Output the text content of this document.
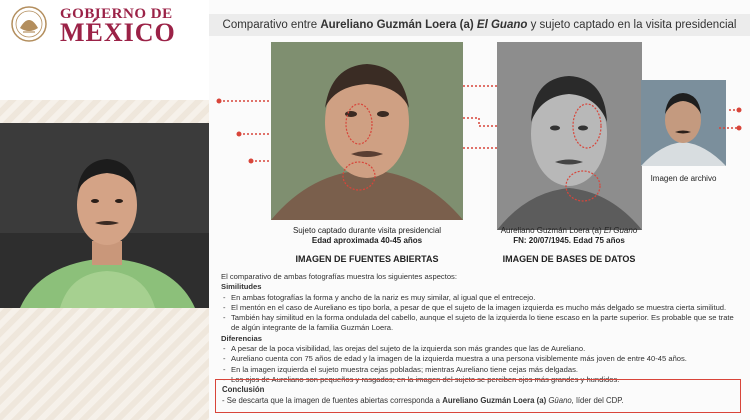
GOBIERNO DE
MÉXICO	Comparativo entre Aureliano Guzmán Loera (a) El Guano y sujeto captado en la visita presidencial
Sujeto captado durante visita presidencial
Edad aproximada 40-45 años
Aureliano Guzmán Loera (a) El Guano
FN: 20/07/1945. Edad 75 años
Imagen de archivo
IMAGEN DE FUENTES ABIERTAS	IMAGEN DE BASES DE DATOS
El comparativo de ambas fotografías muestra los siguientes aspectos:
Similitudes
- En ambas fotografías la forma y ancho de la nariz es muy similar, al igual que el entrecejo.
- El mentón en el caso de Aureliano es tipo borla, a pesar de que el sujeto de la imagen izquierda es mucho más delgado se muestra cierta similitud.
- También hay similitud en la forma ondulada del cabello, aunque el sujeto de la izquierda lo tiene escaso en la parte superior. Es probable que se trate de algún integrante de la familia Guzmán Loera.
Diferencias
- A pesar de la poca visibilidad, las orejas del sujeto de la izquierda son más grandes que las de Aureliano.
- Aureliano cuenta con 75 años de edad y la imagen de la izquierda muestra a una persona visiblemente más joven de entre 40-45 años.
- En la imagen izquierda el sujeto muestra cejas pobladas; mientras Aureliano tiene cejas más delgadas.
- Los ojos de Aureliano son pequeños y rasgados; en la imagen del sujeto se perciben ojos más grandes y hundidos.
Conclusión
- Se descarta que la imagen de fuentes abiertas corresponda a Aureliano Guzmán Loera (a) Güano, líder del CDP.
